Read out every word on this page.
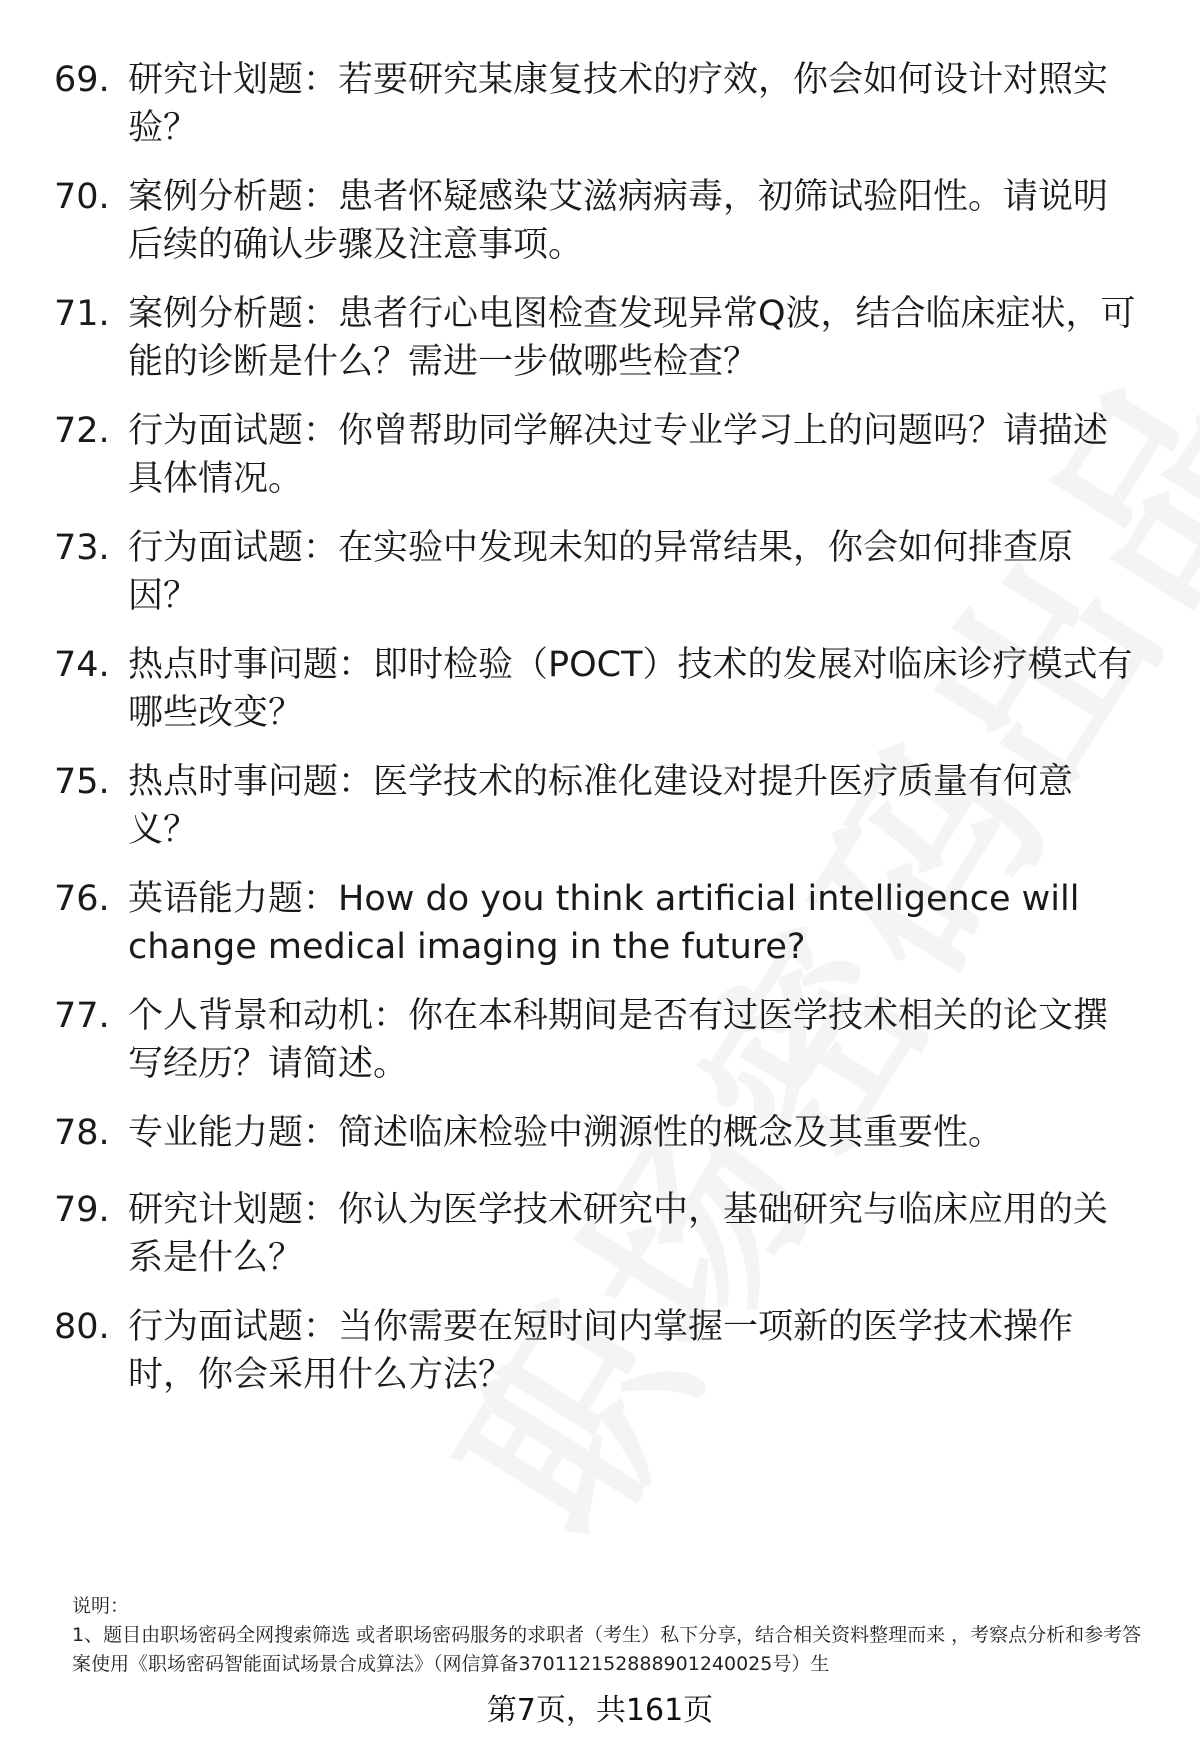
69. 研究计划题：若要研究某康复技术的疗效，你会如何设计对照实验？
70. 案例分析题：患者怀疑感染艾滋病病毒，初筛试验阳性。请说明后续的确认步骤及注意事项。
71. 案例分析题：患者行心电图检查发现异常Q波，结合临床症状，可能的诊断是什么？需进一步做哪些检查？
72. 行为面试题：你曾帮助同学解决过专业学习上的问题吗？请描述具体情况。
73. 行为面试题：在实验中发现未知的异常结果，你会如何排查原因？
74. 热点时事问题：即时检验（POCT）技术的发展对临床诊疗模式有哪些改变？
75. 热点时事问题：医学技术的标准化建设对提升医疗质量有何意义？
76. 英语能力题：How do you think artificial intelligence will change medical imaging in the future?
77. 个人背景和动机：你在本科期间是否有过医学技术相关的论文撰写经历？请简述。
78. 专业能力题：简述临床检验中溯源性的概念及其重要性。
79. 研究计划题：你认为医学技术研究中，基础研究与临床应用的关系是什么？
80. 行为面试题：当你需要在短时间内掌握一项新的医学技术操作时，你会采用什么方法？

说明：

1、题目由职场密码全网搜索筛选 或者职场密码服务的求职者（考生）私下分享，结合相关资料整理而来 ，考察点分析和参考答案使用《职场密码智能面试场景合成算法》（网信算备370112152888901240025号）生

第7页，共161页
